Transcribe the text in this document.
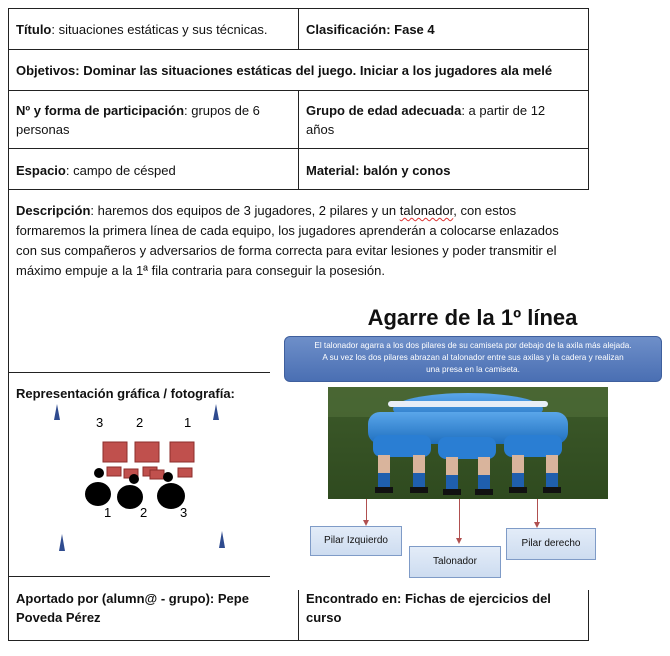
Título: situaciones estáticas y sus técnicas.	Clasificación: Fase 4
Objetivos: Dominar las situaciones estáticas del juego. Iniciar a los jugadores ala melé
Nº y forma de participación: grupos de 6
personas
Grupo de edad adecuada: a partir de 12
años
Espacio: campo de césped	Material: balón y conos
Descripción: haremos dos equipos de 3 jugadores, 2 pilares y un talonador, con estos
formaremos la primera línea de cada equipo, los jugadores aprenderán a colocarse enlazados
con sus compañeros y adversarios de forma correcta para evitar lesiones y poder transmitir el
máximo empuje a la 1ª fila contraria para conseguir la posesión.
Representación gráfica / fotografía:
3	2	1
1 2	3
Agarre de la 1º línea
El talonador agarra a los dos pilares de su camiseta por debajo de la axila más alejada.
A su vez los dos pilares abrazan al talonador entre sus axilas y la cadera y realizan
una presa en la camiseta.
Pilar Izquierdo
Talonador
Pilar derecho
Aportado por (alumn@ - grupo): Pepe
Poveda Pérez
Encontrado en: Fichas de ejercicios del
curso
